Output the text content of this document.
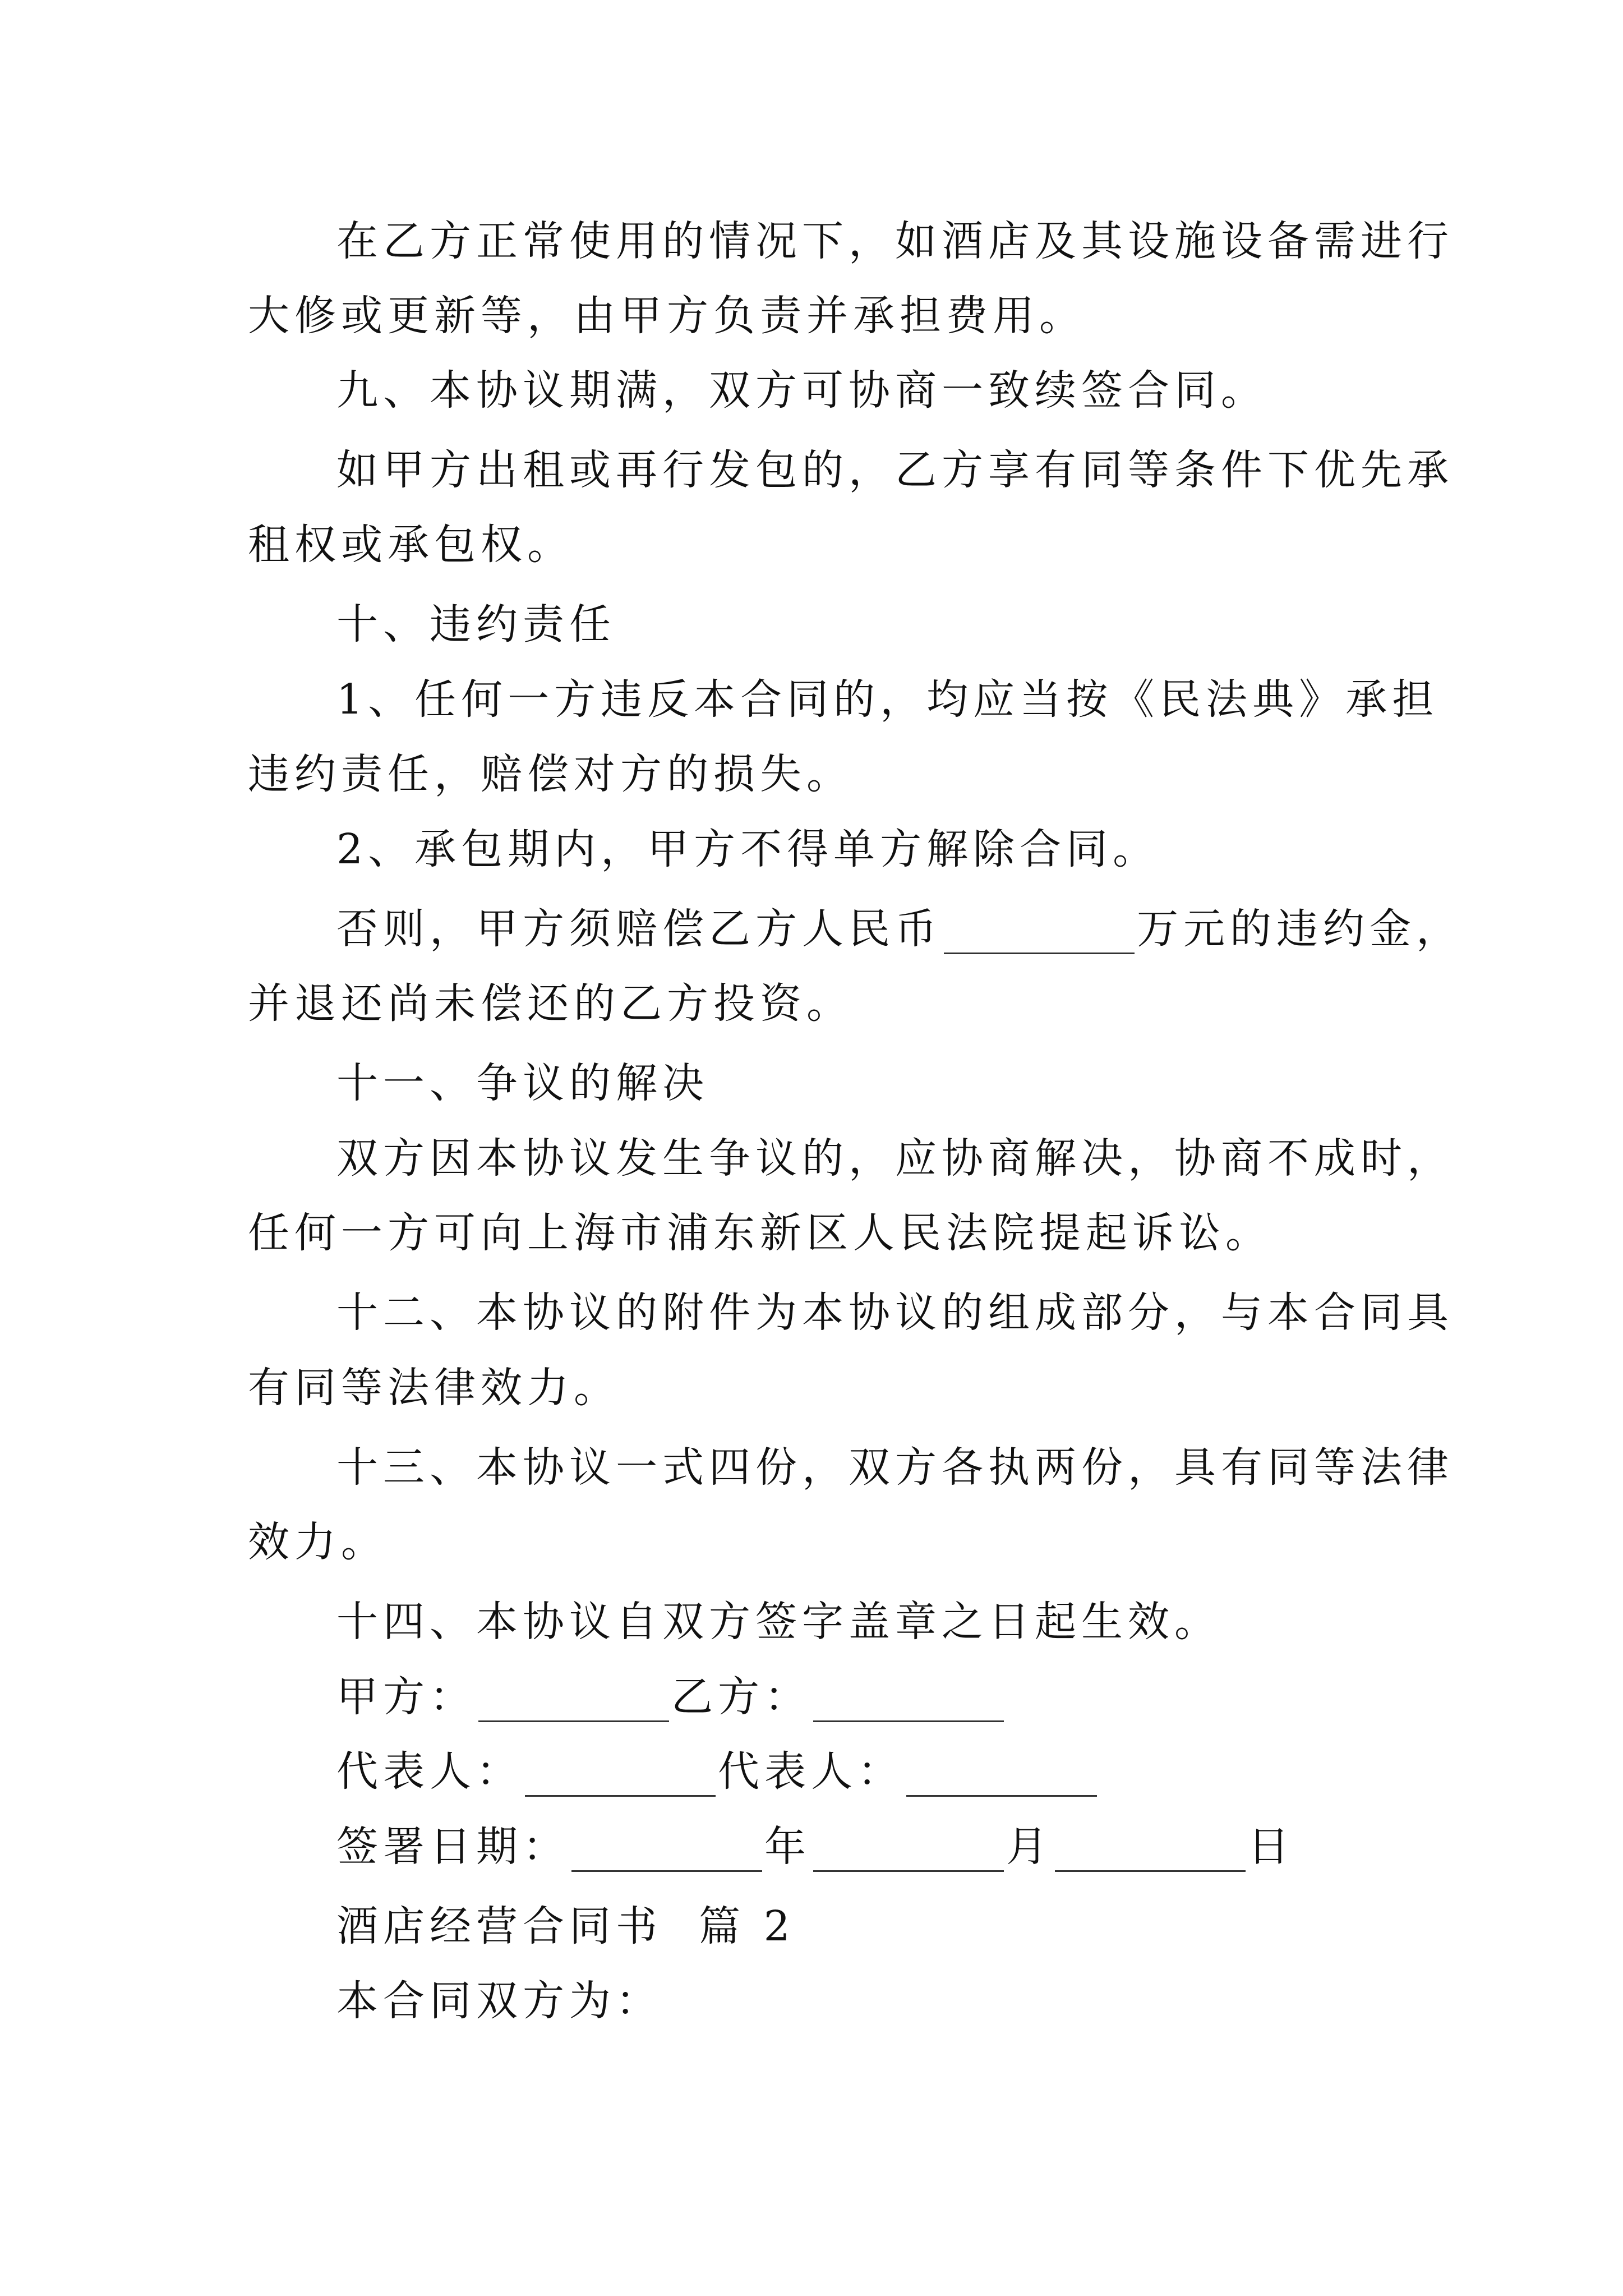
在乙方正常使用的情况下，如酒店及其设施设备需进行
大修或更新等，由甲方负责并承担费用。
九、本协议期满，双方可协商一致续签合同。
如甲方出租或再行发包的，乙方享有同等条件下优先承
租权或承包权。
十、违约责任
1、任何一方违反本合同的，均应当按《民法典》承担
违约责任，赔偿对方的损失。
2、承包期内，甲方不得单方解除合同。
否则，甲方须赔偿乙方人民币	万元的违约金，
并退还尚未偿还的乙方投资。
十一、争议的解决
双方因本协议发生争议的，应协商解决，协商不成时，
任何一方可向上海市浦东新区人民法院提起诉讼。
十二、本协议的附件为本协议的组成部分，与本合同具
有同等法律效力。
十三、本协议一式四份，双方各执两份，具有同等法律
效力。
十四、本协议自双方签字盖章之日起生效。
甲方：	乙方：
代表人：	代表人：
签署日期：	年	月	日
酒店经营合同书  篇 2
本合同双方为：
